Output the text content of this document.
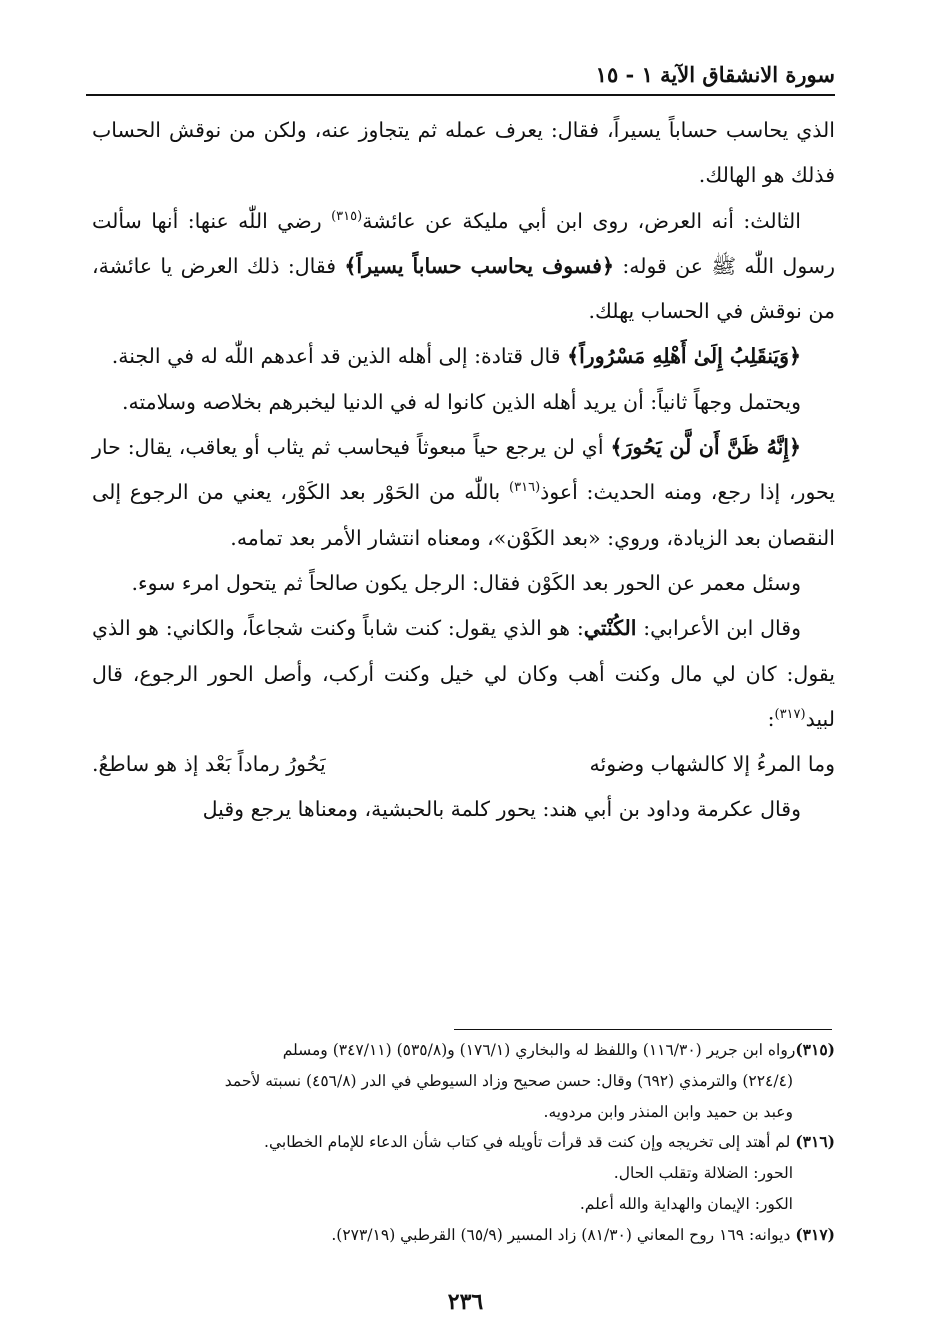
سورة الانشقاق الآية ١ - ١٥

الذي يحاسب حساباً يسيراً، فقال: يعرف عمله ثم يتجاوز عنه، ولكن من نوقش الحساب فذلك هو الهالك.

الثالث: أنه العرض، روى ابن أبي مليكة عن عائشة$^{(٣١٥)}$ رضي اللّٰه عنها: أنها سألت رسول اللّٰه ﷺ عن قوله: ﴿فسوف يحاسب حساباً يسيراً﴾ فقال: ذلك العرض يا عائشة، من نوقش في الحساب يهلك.

﴿وَيَنقَلِبُ إِلَىٰ أَهْلِهِ مَسْرُوراً﴾ قال قتادة: إلى أهله الذين قد أعدهم اللّٰه له في الجنة.

ويحتمل وجهاً ثانياً: أن يريد أهله الذين كانوا له في الدنيا ليخبرهم بخلاصه وسلامته.

﴿إِنَّهُ ظَنَّ أَن لَّن يَحُورَ﴾ أي لن يرجع حياً مبعوثاً فيحاسب ثم يثاب أو يعاقب، يقال: حار يحور، إذا رجع، ومنه الحديث: أعوذ$^{(٣١٦)}$ باللّٰه من الحَوْر بعد الكَوْر، يعني من الرجوع إلى النقصان بعد الزيادة، وروي: «بعد الكَوْن»، ومعناه انتشار الأمر بعد تمامه.

وسئل معمر عن الحور بعد الكَوْن فقال: الرجل يكون صالحاً ثم يتحول امرء سوء.

وقال ابن الأعرابي: الكُنْتي: هو الذي يقول: كنت شاباً وكنت شجاعاً، والكاني: هو الذي يقول: كان لي مال وكنت أهب وكان لي خيل وكنت أركب، وأصل الحور الرجوع، قال لبيد$^{(٣١٧)}$:

وما المرءُ إلا كالشهاب وضوئه
يَحُورُ رماداً بَعْد إذ هو ساطعُ.

وقال عكرمة وداود بن أبي هند: يحور كلمة بالحبشية، ومعناها يرجع وقيل

(٣١٥)رواه ابن جرير (١١٦/٣٠) واللفظ له والبخاري (١٧٦/١) و(٥٣٥/٨) (٣٤٧/١١) ومسلم

(٢٢٤/٤) والترمذي (٦٩٢) وقال: حسن صحيح وزاد السيوطي في الدر (٤٥٦/٨) نسبته لأحمد

وعبد بن حميد وابن المنذر وابن مردويه.

(٣١٦) لم أهتد إلى تخريجه وإن كنت قد قرأت تأويله في كتاب شأن الدعاء للإمام الخطابي.

الحور: الضلالة وتقلب الحال.

الكور: الإيمان والهداية والله أعلم.

(٣١٧) ديوانه: ١٦٩ روح المعاني (٨١/٣٠) زاد المسير (٦٥/٩) القرطبي (٢٧٣/١٩).

٢٣٦
